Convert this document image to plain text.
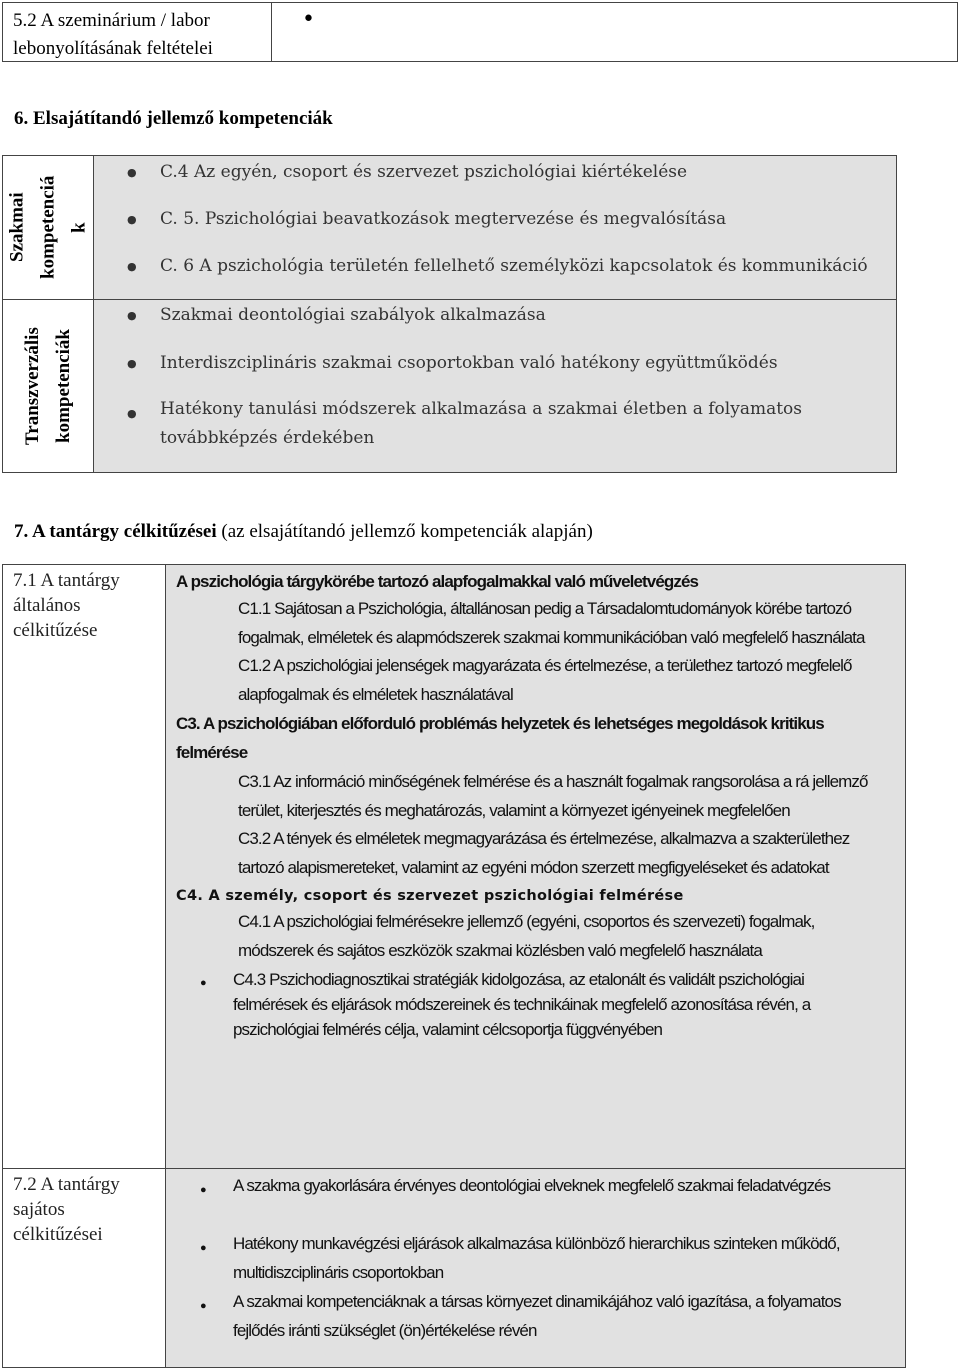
5.2 A szeminárium / labor
lebonyolításának feltételei
•
6. Elsajátítandó jellemző kompetenciák
Szakmai kompetenciá k
● C.4 Az egyén, csoport és szervezet pszichológiai kiértékelése
● C. 5. Pszichológiai beavatkozások megtervezése és megvalósítása
● C. 6 A pszichológia területén fellelhető személyközi kapcsolatok és kommunikáció
Transzverzális kompetenciák
● Szakmai deontológiai szabályok alkalmazása
● Interdiszciplináris szakmai csoportokban való hatékony együttműködés
● Hatékony tanulási módszerek alkalmazása a szakmai életben a folyamatos továbbképzés érdekében
7. A tantárgy célkitűzései (az elsajátítandó jellemző kompetenciák alapján)
7.1 A tantárgy
általános
célkitűzése
A pszichológia tárgykörébe tartozó alapfogalmakkal való műveletvégzés
C1.1 Sajátosan a Pszichológia, általlánosan pedig a Társadalomtudományok körébe tartozó fogalmak, elméletek és alapmódszerek szakmai kommunikációban való megfelelő használata
C1.2 A pszichológiai jelenségek magyarázata és értelmezése, a területhez tartozó megfelelő alapfogalmak és elméletek használatával
C3. A pszichológiában előforduló problémás helyzetek és lehetséges megoldások kritikus felmérése
C3.1 Az információ minőségének felmérése és a használt fogalmak rangsorolása a rá jellemző terület, kiterjesztés és meghatározás, valamint a környezet igényeinek megfelelően
C3.2 A tények és elméletek megmagyarázása és értelmezése, alkalmazva a szakterülethez tartozó alapismereteket, valamint az egyéni módon szerzett megfigyeléseket és adatokat
C4. A személy, csoport és szervezet pszichológiai felmérése
C4.1 A pszichológiai felmérésekre jellemző (egyéni, csoportos és szervezeti) fogalmak, módszerek és sajátos eszközök szakmai közlésben való megfelelő használata
● C4.3 Pszichodiagnosztikai stratégiák kidolgozása, az etalonált és validált pszichológiai felmérések és eljárások módszereinek és technikáinak megfelelő azonosítása révén, a pszichológiai felmérés célja, valamint célcsoportja függvényében
7.2 A tantárgy
sajátos
célkitűzései
● A szakma gyakorlására érvényes deontológiai elveknek megfelelő szakmai feladatvégzés
● Hatékony munkavégzési eljárások alkalmazása különböző hierarchikus szinteken működő, multidiszciplináris csoportokban
● A szakmai kompetenciáknak a társas környezet dinamikájához való igazítása, a folyamatos fejlődés iránti szükséglet (ön)értékelése révén
